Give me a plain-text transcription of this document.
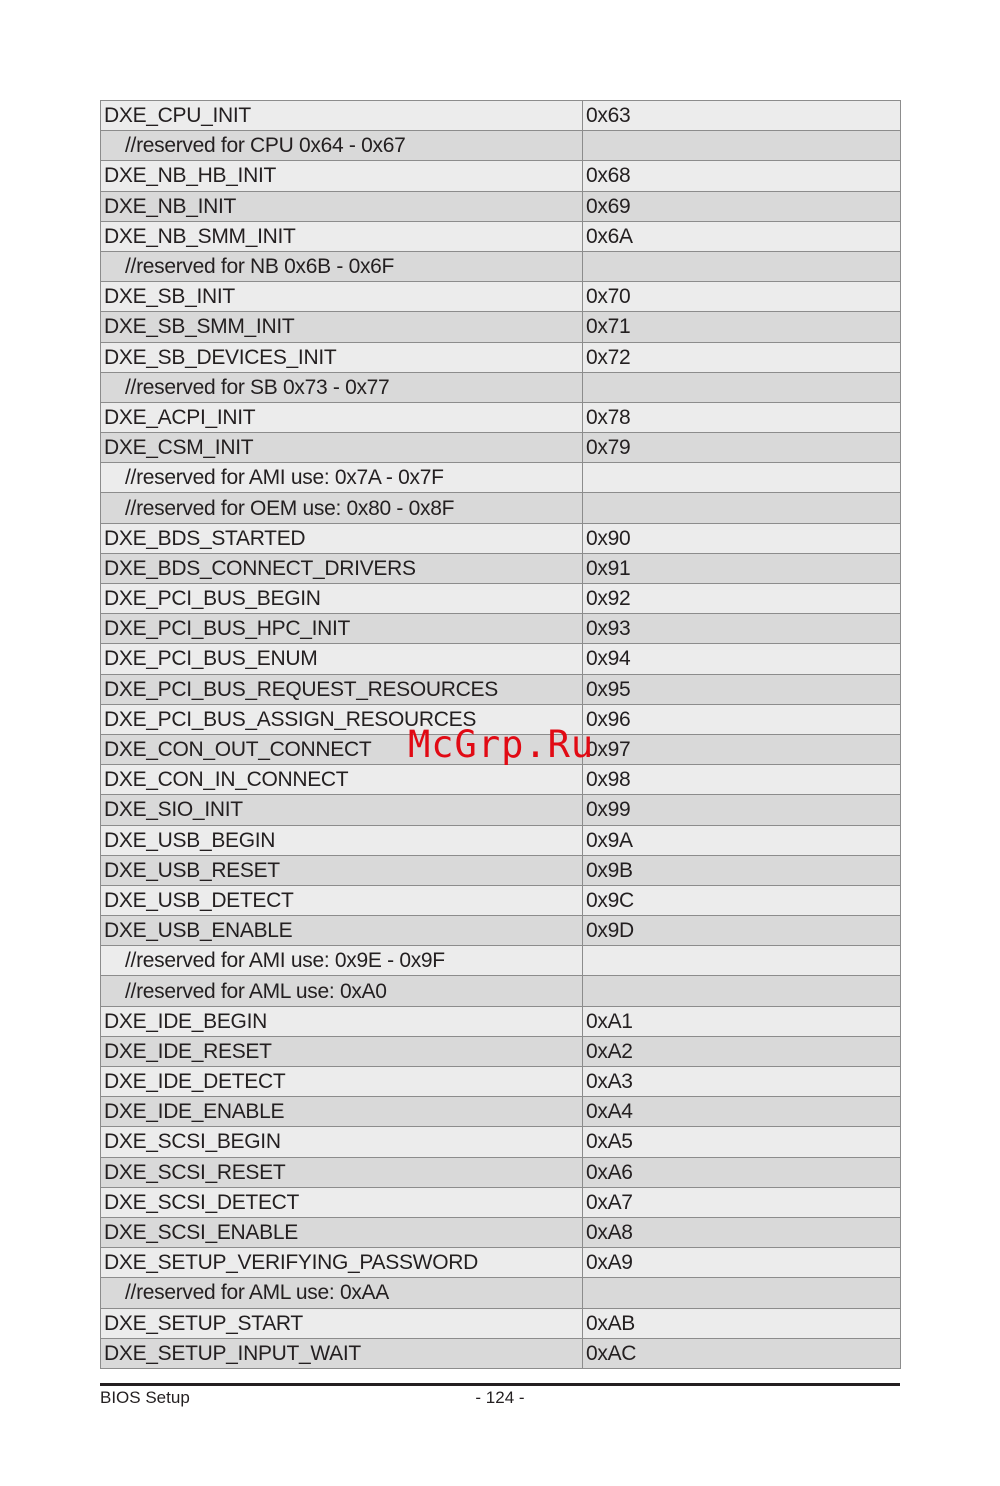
DXE_CPU_INIT	0x63
//reserved for CPU 0x64 - 0x67	
DXE_NB_HB_INIT	0x68
DXE_NB_INIT	0x69
DXE_NB_SMM_INIT	0x6A
//reserved for NB 0x6B - 0x6F	
DXE_SB_INIT	0x70
DXE_SB_SMM_INIT	0x71
DXE_SB_DEVICES_INIT	0x72
//reserved for SB 0x73 - 0x77	
DXE_ACPI_INIT	0x78
DXE_CSM_INIT	0x79
//reserved for AMI use: 0x7A - 0x7F	
//reserved for OEM use: 0x80 - 0x8F	
DXE_BDS_STARTED	0x90
DXE_BDS_CONNECT_DRIVERS	0x91
DXE_PCI_BUS_BEGIN	0x92
DXE_PCI_BUS_HPC_INIT	0x93
DXE_PCI_BUS_ENUM	0x94
DXE_PCI_BUS_REQUEST_RESOURCES	0x95
DXE_PCI_BUS_ASSIGN_RESOURCES	0x96
DXE_CON_OUT_CONNECT	0x97
DXE_CON_IN_CONNECT	0x98
DXE_SIO_INIT	0x99
DXE_USB_BEGIN	0x9A
DXE_USB_RESET	0x9B
DXE_USB_DETECT	0x9C
DXE_USB_ENABLE	0x9D
//reserved for AMI use: 0x9E - 0x9F	
//reserved for AML use: 0xA0	
DXE_IDE_BEGIN	0xA1
DXE_IDE_RESET	0xA2
DXE_IDE_DETECT	0xA3
DXE_IDE_ENABLE	0xA4
DXE_SCSI_BEGIN	0xA5
DXE_SCSI_RESET	0xA6
DXE_SCSI_DETECT	0xA7
DXE_SCSI_ENABLE	0xA8
DXE_SETUP_VERIFYING_PASSWORD	0xA9
//reserved for AML use: 0xAA	
DXE_SETUP_START	0xAB
DXE_SETUP_INPUT_WAIT	0xAC
McGrp.Ru
BIOS Setup	- 124 -
